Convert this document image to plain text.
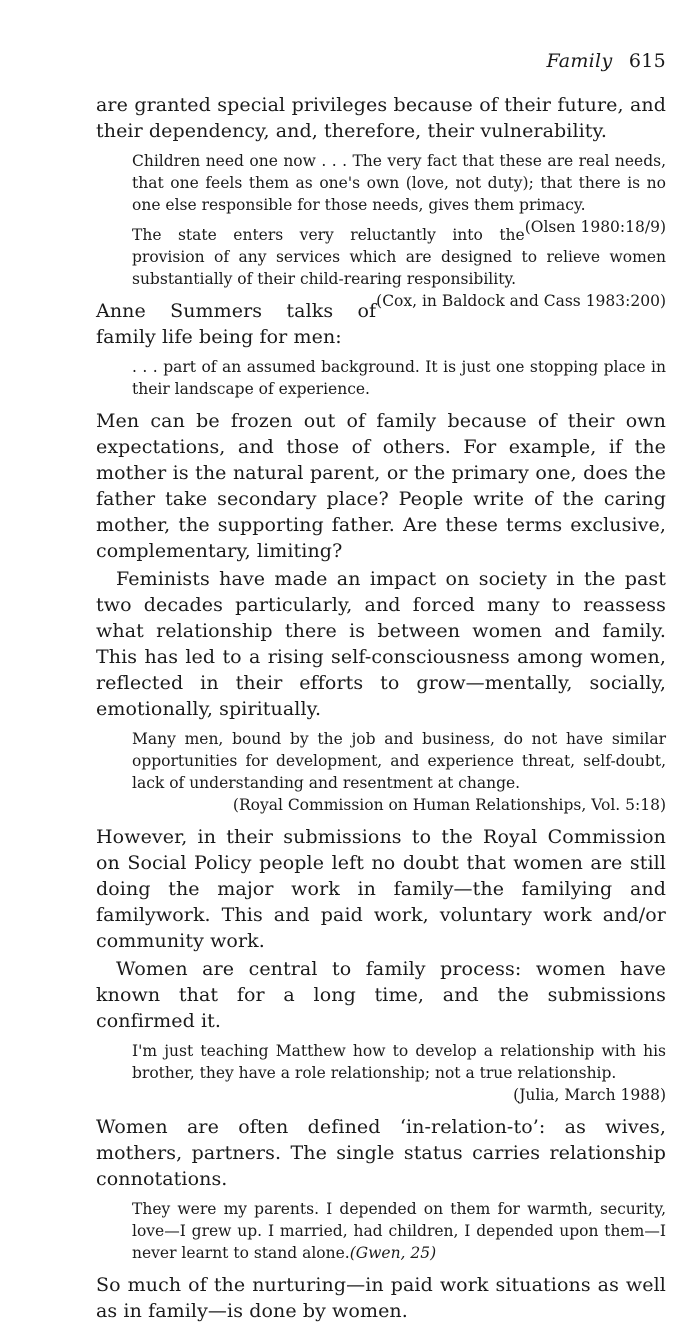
Family 615

are granted special privileges because of their future, and their dependency, and, therefore, their vulnerability.

Children need one now . . . The very fact that these are real needs, that one feels them as one's own (love, not duty); that there is no one else responsible for those needs, gives them primacy.
(Olsen 1980:18/9)

The state enters very reluctantly into the provision of any services which are designed to relieve women substantially of their child-rearing responsibility.
(Cox, in Baldock and Cass 1983:200)

Anne Summers talks of family life being for men:

. . . part of an assumed background. It is just one stopping place in their landscape of experience.

Men can be frozen out of family because of their own expectations, and those of others. For example, if the mother is the natural parent, or the primary one, does the father take secondary place? People write of the caring mother, the supporting father. Are these terms exclusive, complementary, limiting?

Feminists have made an impact on society in the past two decades particularly, and forced many to reassess what relationship there is between women and family. This has led to a rising self-consciousness among women, reflected in their efforts to grow—mentally, socially, emotionally, spiritually.

Many men, bound by the job and business, do not have similar opportunities for development, and experience threat, self-doubt, lack of understanding and resentment at change.

(Royal Commission on Human Relationships, Vol. 5:18)

However, in their submissions to the Royal Commission on Social Policy people left no doubt that women are still doing the major work in family—the familying and familywork. This and paid work, voluntary work and/or community work.

Women are central to family process: women have known that for a long time, and the submissions confirmed it.

I'm just teaching Matthew how to develop a relationship with his brother, they have a role relationship; not a true relationship.

(Julia, March 1988)

Women are often defined ‘in-relation-to’: as wives, mothers, partners. The single status carries relationship connotations.

They were my parents. I depended on them for warmth, security, love—I grew up. I married, had children, I depended upon them—I never learnt to stand alone.(Gwen, 25)

So much of the nurturing—in paid work situations as well as in family—is done by women.
